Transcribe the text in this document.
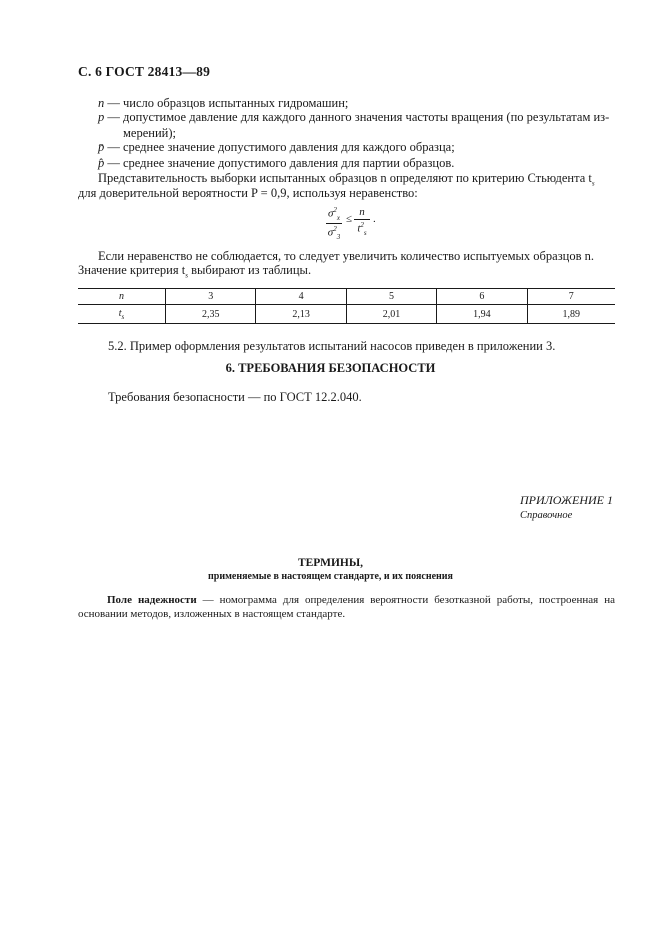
С. 6 ГОСТ 28413—89
n — число образцов испытанных гидромашин;
p — допустимое давление для каждого данного значения частоты вращения (по результатам из-
мерений);
p̄ — среднее значение допустимого давления для каждого образца;
p̂ — среднее значение допустимого давления для партии образцов.
Представительность выборки испытанных образцов n определяют по критерию Стьюдента $t_s$
для доверительной вероятности P = 0,9, используя неравенство:
$\frac{\sigma^2_x}{\sigma^2_3} \le \frac{n}{t^2_s}$ .
Если неравенство не соблюдается, то следует увеличить количество испытуемых образцов n.
Значение критерия $t_s$ выбирают из таблицы.
n	3	4	5	6	7
$t_s$	2,35	2,13	2,01	1,94	1,89
5.2. Пример оформления результатов испытаний насосов приведен в приложении 3.
6. ТРЕБОВАНИЯ БЕЗОПАСНОСТИ
Требования безопасности — по ГОСТ 12.2.040.
ПРИЛОЖЕНИЕ 1
Справочное
ТЕРМИНЫ,
применяемые в настоящем стандарте, и их пояснения
Поле надежности — номограмма для определения вероятности безотказной работы, построенная на основании методов, изложенных в настоящем стандарте.
